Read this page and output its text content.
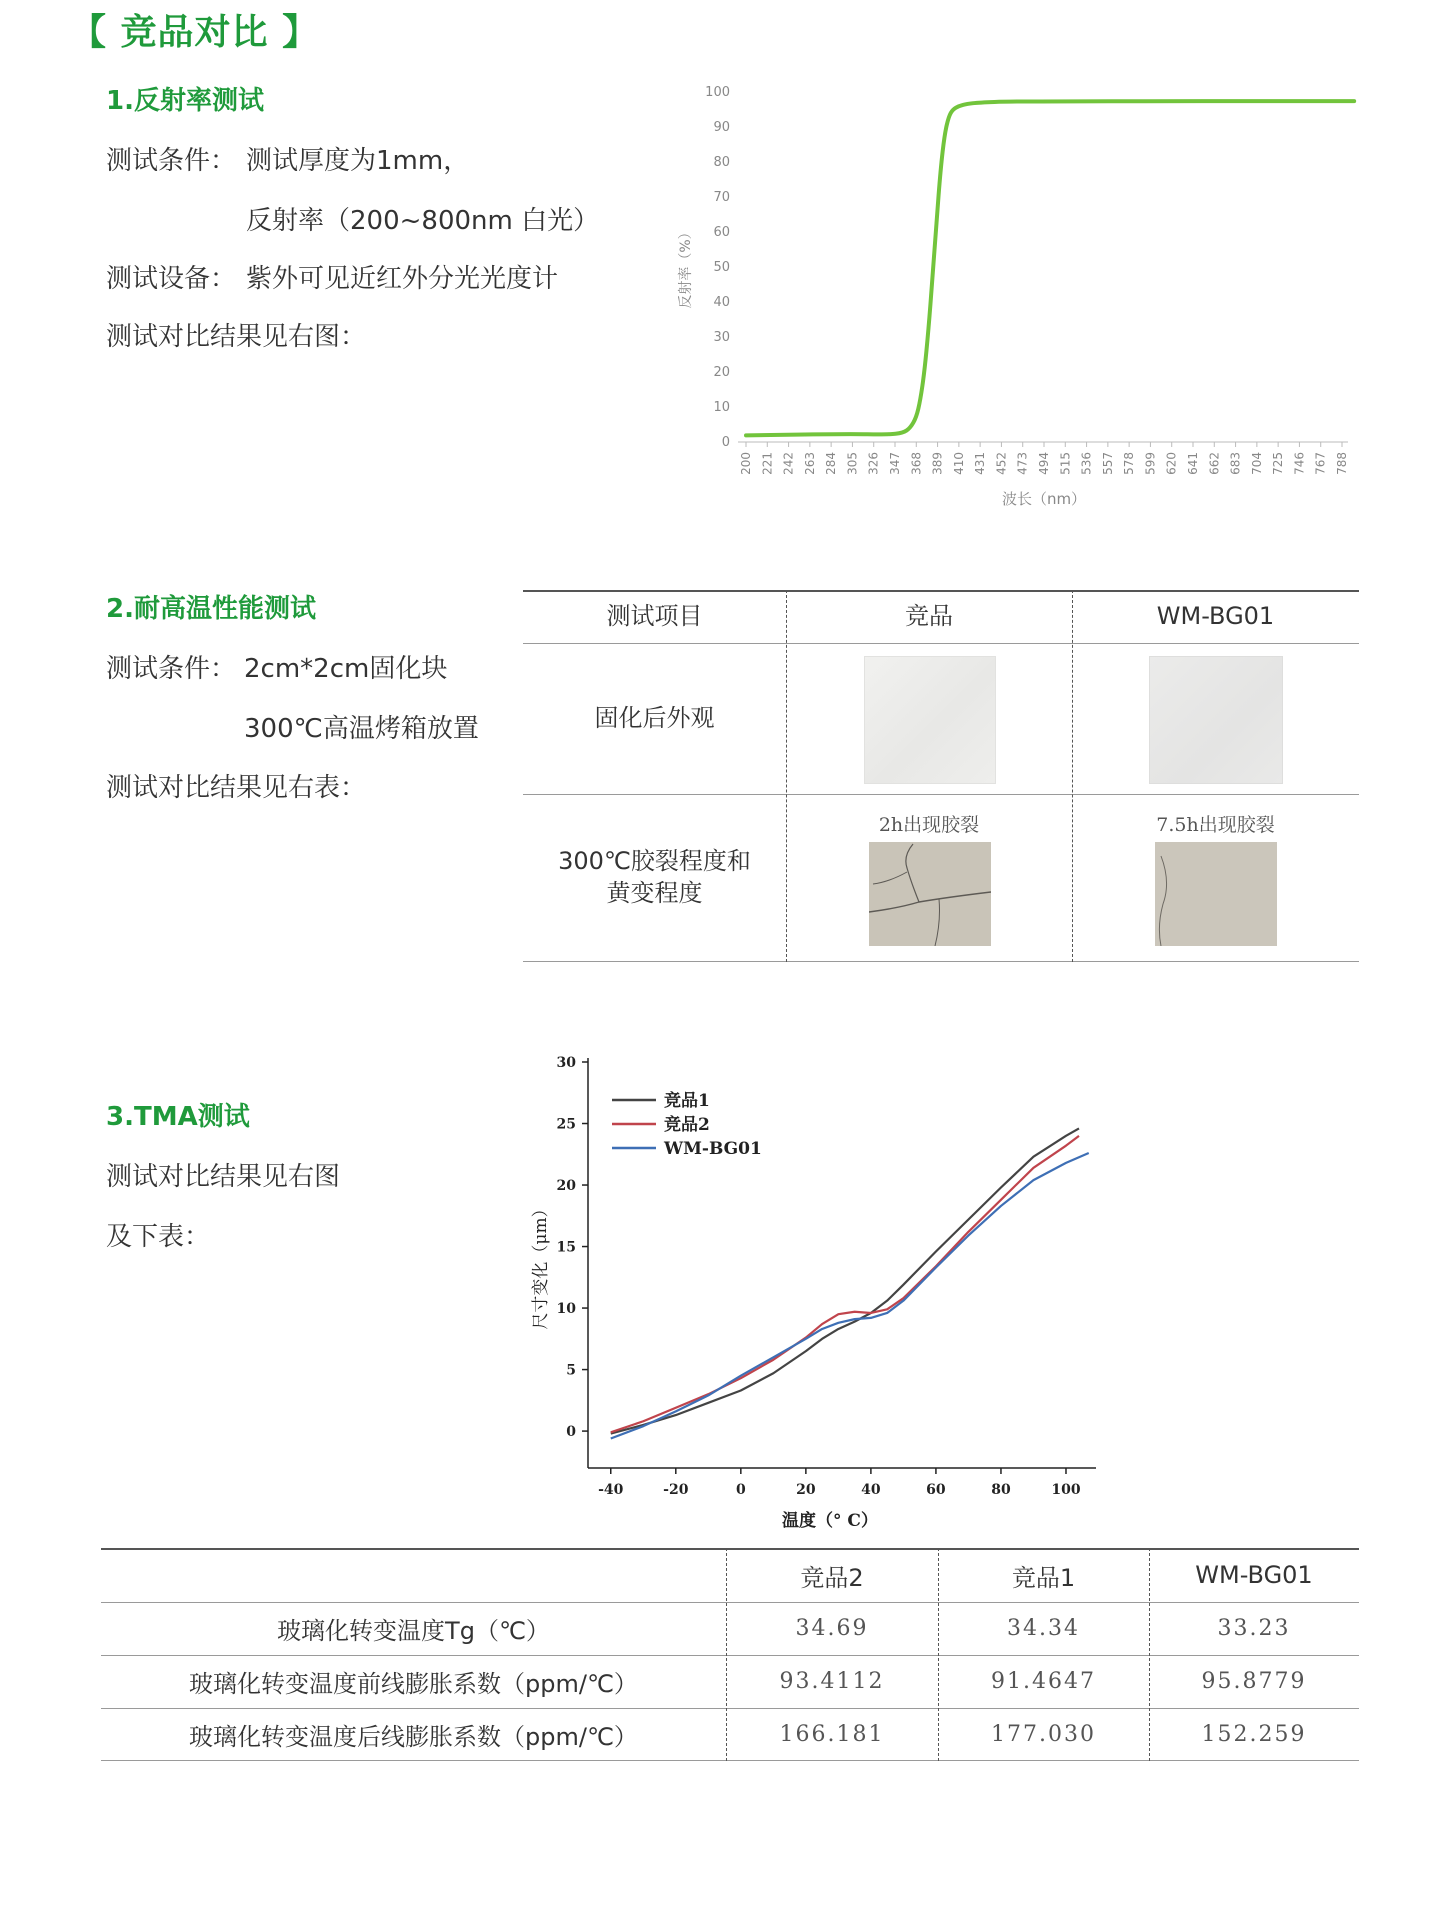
【 竞品对比 】
1.反射率测试
测试条件： 测试厚度为1mm，
反射率（200~800nm 白光）
测试设备： 紫外可见近红外分光光度计
测试对比结果见右图：
0
10
20
30
40
50
60
70
80
90
100
200 221 242 263 284 305 326 347 368 389 410 431 452 473 494 515 536 557 578 599 620 641 662 683 704 725 746 767 788
反射率（%）
波长（nm）
2.耐高温性能测试
测试条件： 2cm*2cm固化块
300℃高温烤箱放置
测试对比结果见右表：
测试项目	竞品	WM-BG01
固化后外观
300℃胶裂程度和
黄变程度
2h出现胶裂	7.5h出现胶裂
3.TMA测试
测试对比结果见右图
及下表：
0
5
10
15
20
25
30
-40	-20	0	20	40	60	80	100
温度（° C）
尺寸变化（μm）
竞品1
竞品2
WM-BG01
竞品2	竞品1	WM-BG01
玻璃化转变温度Tg（℃）	34.69	34.34	33.23
玻璃化转变温度前线膨胀系数（ppm/℃）	93.4112	91.4647	95.8779
玻璃化转变温度后线膨胀系数（ppm/℃）	166.181	177.030	152.259
